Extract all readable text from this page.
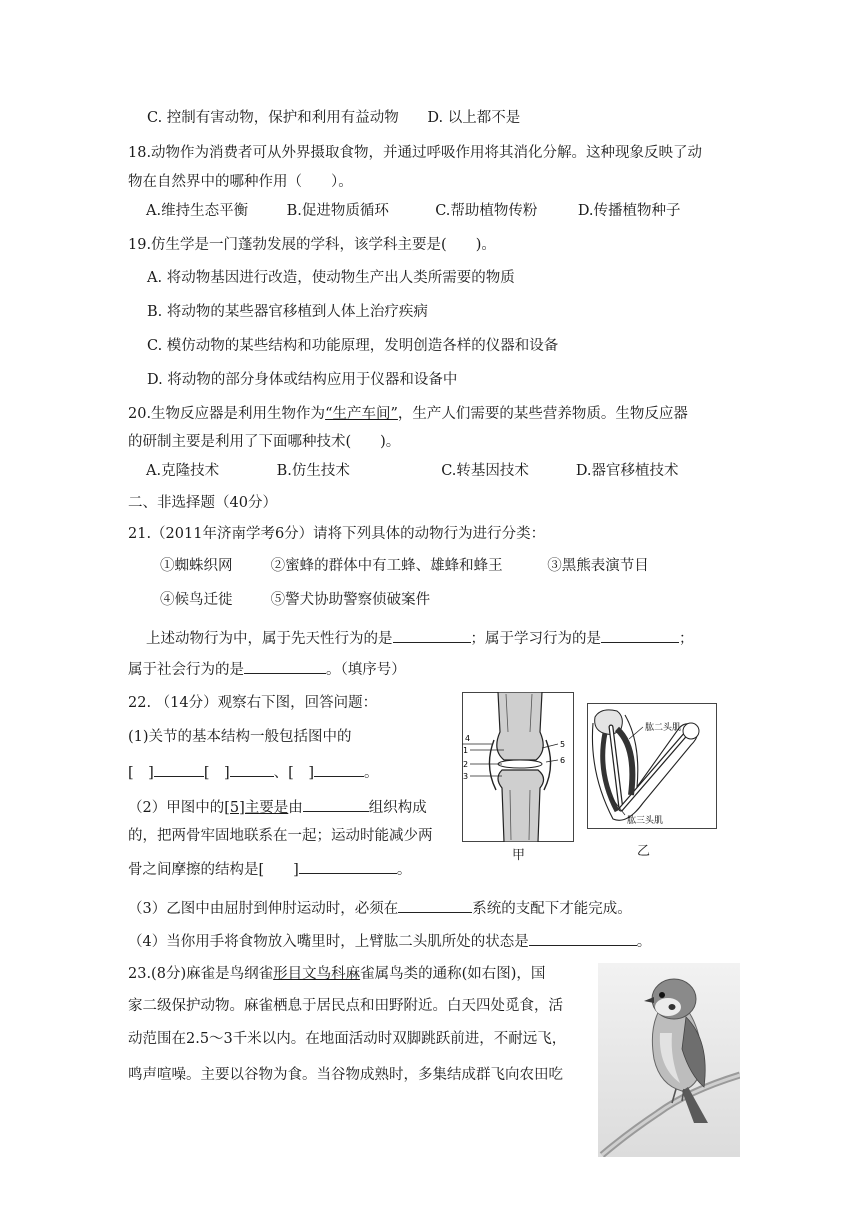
C. 控制有害动物，保护和利用有益动物 D. 以上都不是
18.动物作为消费者可从外界摄取食物，并通过呼吸作用将其消化分解。这种现象反映了动
物在自然界中的哪种作用（　　）。
A.维持生态平衡	B.促进物质循环	C.帮助植物传粉	D.传播植物种子
19.仿生学是一门蓬勃发展的学科，该学科主要是(　　)。
A. 将动物基因进行改造，使动物生产出人类所需要的物质
B. 将动物的某些器官移植到人体上治疗疾病
C. 模仿动物的某些结构和功能原理，发明创造各样的仪器和设备
D. 将动物的部分身体或结构应用于仪器和设备中
20.生物反应器是利用生物作为“生产车间”，生产人们需要的某些营养物质。生物反应器
的研制主要是利用了下面哪种技术(　　)。
A.克隆技术	B.仿生技术	C.转基因技术	D.器官移植技术
二、非选择题（40分）
21.（2011年济南学考6分）请将下列具体的动物行为进行分类：
①蜘蛛织网	②蜜蜂的群体中有工蜂、雄蜂和蜂王	③黑熊表演节目
④候鸟迁徙	⑤警犬协助警察侦破案件
上述动物行为中，属于先天性行为的是	；属于学习行为的是	；
属于社会行为的是	。（填序号）
22. （14分）观察右下图，回答问题：
(1)关节的基本结构一般包括图中的
[　]	[　]	、[　]	。
（2）甲图中的[5]主要是由	组织构成
的，把两骨牢固地联系在一起；运动时能减少两
骨之间摩擦的结构是[　　]	。
（3）乙图中由屈肘到伸肘运动时，必须在	系统的支配下才能完成。
（4）当你用手将食物放入嘴里时，上臂肱二头肌所处的状态是	。
4
1
2
3
5
6
甲
肱二头肌
肱三头肌
乙
23.(8分)麻雀是鸟纲雀形目文鸟科麻雀属鸟类的通称(如右图)，国
家二级保护动物。麻雀栖息于居民点和田野附近。白天四处觅食，活
动范围在2.5～3千米以内。在地面活动时双脚跳跃前进，不耐远飞，
鸣声喧噪。主要以谷物为食。当谷物成熟时，多集结成群飞向农田吃
